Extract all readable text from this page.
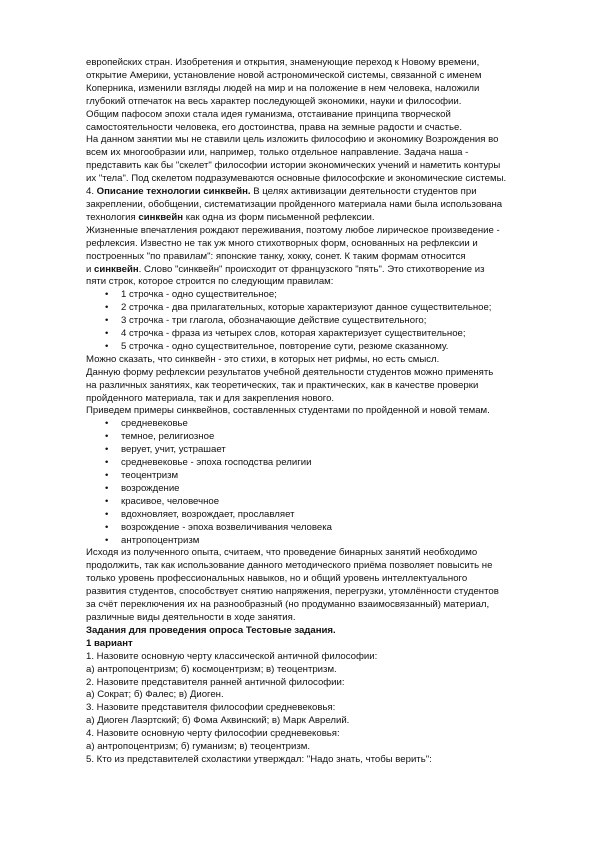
европейских стран. Изобретения и открытия, знаменующие переход к Новому времени,
открытие Америки, установление новой астрономической системы, связанной с именем
Коперника, изменили взгляды людей на мир и на положение в нем человека, наложили
глубокий отпечаток на весь характер последующей экономики, науки и философии.

Общим пафосом эпохи стала идея гуманизма, отстаивание принципа творческой
самостоятельности человека, его достоинства, права на земные радости и счастье.

На данном занятии мы не ставили цель изложить философию и экономику Возрождения во
всем их многообразии или, например, только отдельное направление. Задача наша -
представить как бы "скелет" философии истории экономических учений и наметить контуры
их "тела". Под скелетом подразумеваются основные философские и экономические системы.

4. Описание технологии синквейн. В целях активизации деятельности студентов при
закреплении, обобщении, систематизации пройденного материала нами была использована
технология синквейн как одна из форм письменной рефлексии.

Жизненные впечатления рождают переживания, поэтому любое лирическое произведение -
рефлексия. Известно не так уж много стихотворных форм, основанных на рефлексии и
построенных "по правилам": японские танку, хокку, сонет. К таким формам относится
и синквейн. Слово "синквейн" происходит от французского "пять". Это стихотворение из
пяти строк, которое строится по следующим правилам:

• 1 строчка - одно существительное;
• 2 строчка - два прилагательных, которые характеризуют данное существительное;
• 3 строчка - три глагола, обозначающие действие существительного;
• 4 строчка - фраза из четырех слов, которая характеризует существительное;
• 5 строчка - одно существительное, повторение сути, резюме сказанному.

Можно сказать, что синквейн - это стихи, в которых нет рифмы, но есть смысл.
Данную форму рефлексии результатов учебной деятельности студентов можно применять
на различных занятиях, как теоретических, так и практических, как в качестве проверки
пройденного материала, так и для закрепления нового.
Приведем примеры синквейнов, составленных студентами по пройденной и новой темам.

• средневековье
• темное, религиозное
• верует, учит, устрашает
• средневековье - эпоха господства религии
• теоцентризм
• возрождение
• красивое, человечное
• вдохновляет, возрождает, прославляет
• возрождение - эпоха возвеличивания человека
• антропоцентризм

Исходя из полученного опыта, считаем, что проведение бинарных занятий необходимо
продолжить, так как использование данного методического приёма позволяет повысить не
только уровень профессиональных навыков, но и общий уровень интеллектуального
развития студентов, способствует снятию напряжения, перегрузки, утомлённости студентов
за счёт переключения их на разнообразный (но продуманно взаимосвязанный) материал,
различные виды деятельности в ходе занятия.

Задания для проведения опроса Тестовые задания.

1 вариант

1. Назовите основную черту классической античной философии:
а) антропоцентризм; б) космоцентризм; в) теоцентризм.
2. Назовите представителя ранней античной философии:
а) Сократ; б) Фалес; в) Диоген.
3. Назовите представителя философии средневековья:
а) Диоген Лаэртский; б) Фома Аквинский; в) Марк Аврелий.
4. Назовите основную черту философии средневековья:
а) антропоцентризм; б) гуманизм; в) теоцентризм.
5. Кто из представителей схоластики утверждал: "Надо знать, чтобы верить":
